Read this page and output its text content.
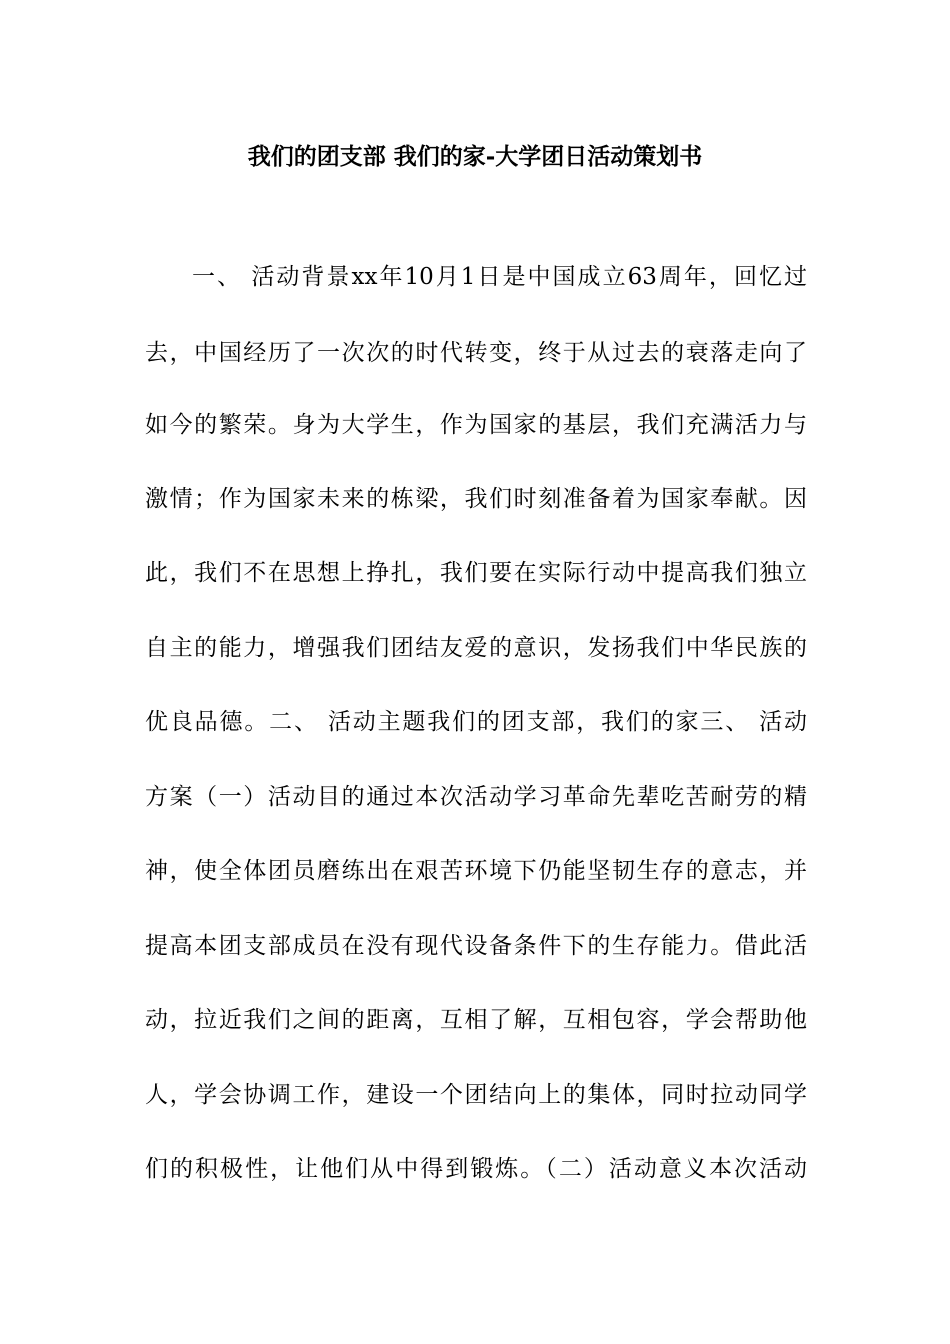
我们的团支部 我们的家-大学团日活动策划书
一、 活动背景xx年10月1日是中国成立63周年，回忆过
去，中国经历了一次次的时代转变，终于从过去的衰落走向了
如今的繁荣。身为大学生，作为国家的基层，我们充满活力与
激情；作为国家未来的栋梁，我们时刻准备着为国家奉献。因
此，我们不在思想上挣扎，我们要在实际行动中提高我们独立
自主的能力，增强我们团结友爱的意识，发扬我们中华民族的
优良品德。二、 活动主题我们的团支部，我们的家三、 活动
方案（一）活动目的通过本次活动学习革命先辈吃苦耐劳的精
神，使全体团员磨练出在艰苦环境下仍能坚韧生存的意志，并
提高本团支部成员在没有现代设备条件下的生存能力。借此活
动，拉近我们之间的距离，互相了解，互相包容，学会帮助他
人，学会协调工作，建设一个团结向上的集体，同时拉动同学
们的积极性，让他们从中得到锻炼。（二）活动意义本次活动
